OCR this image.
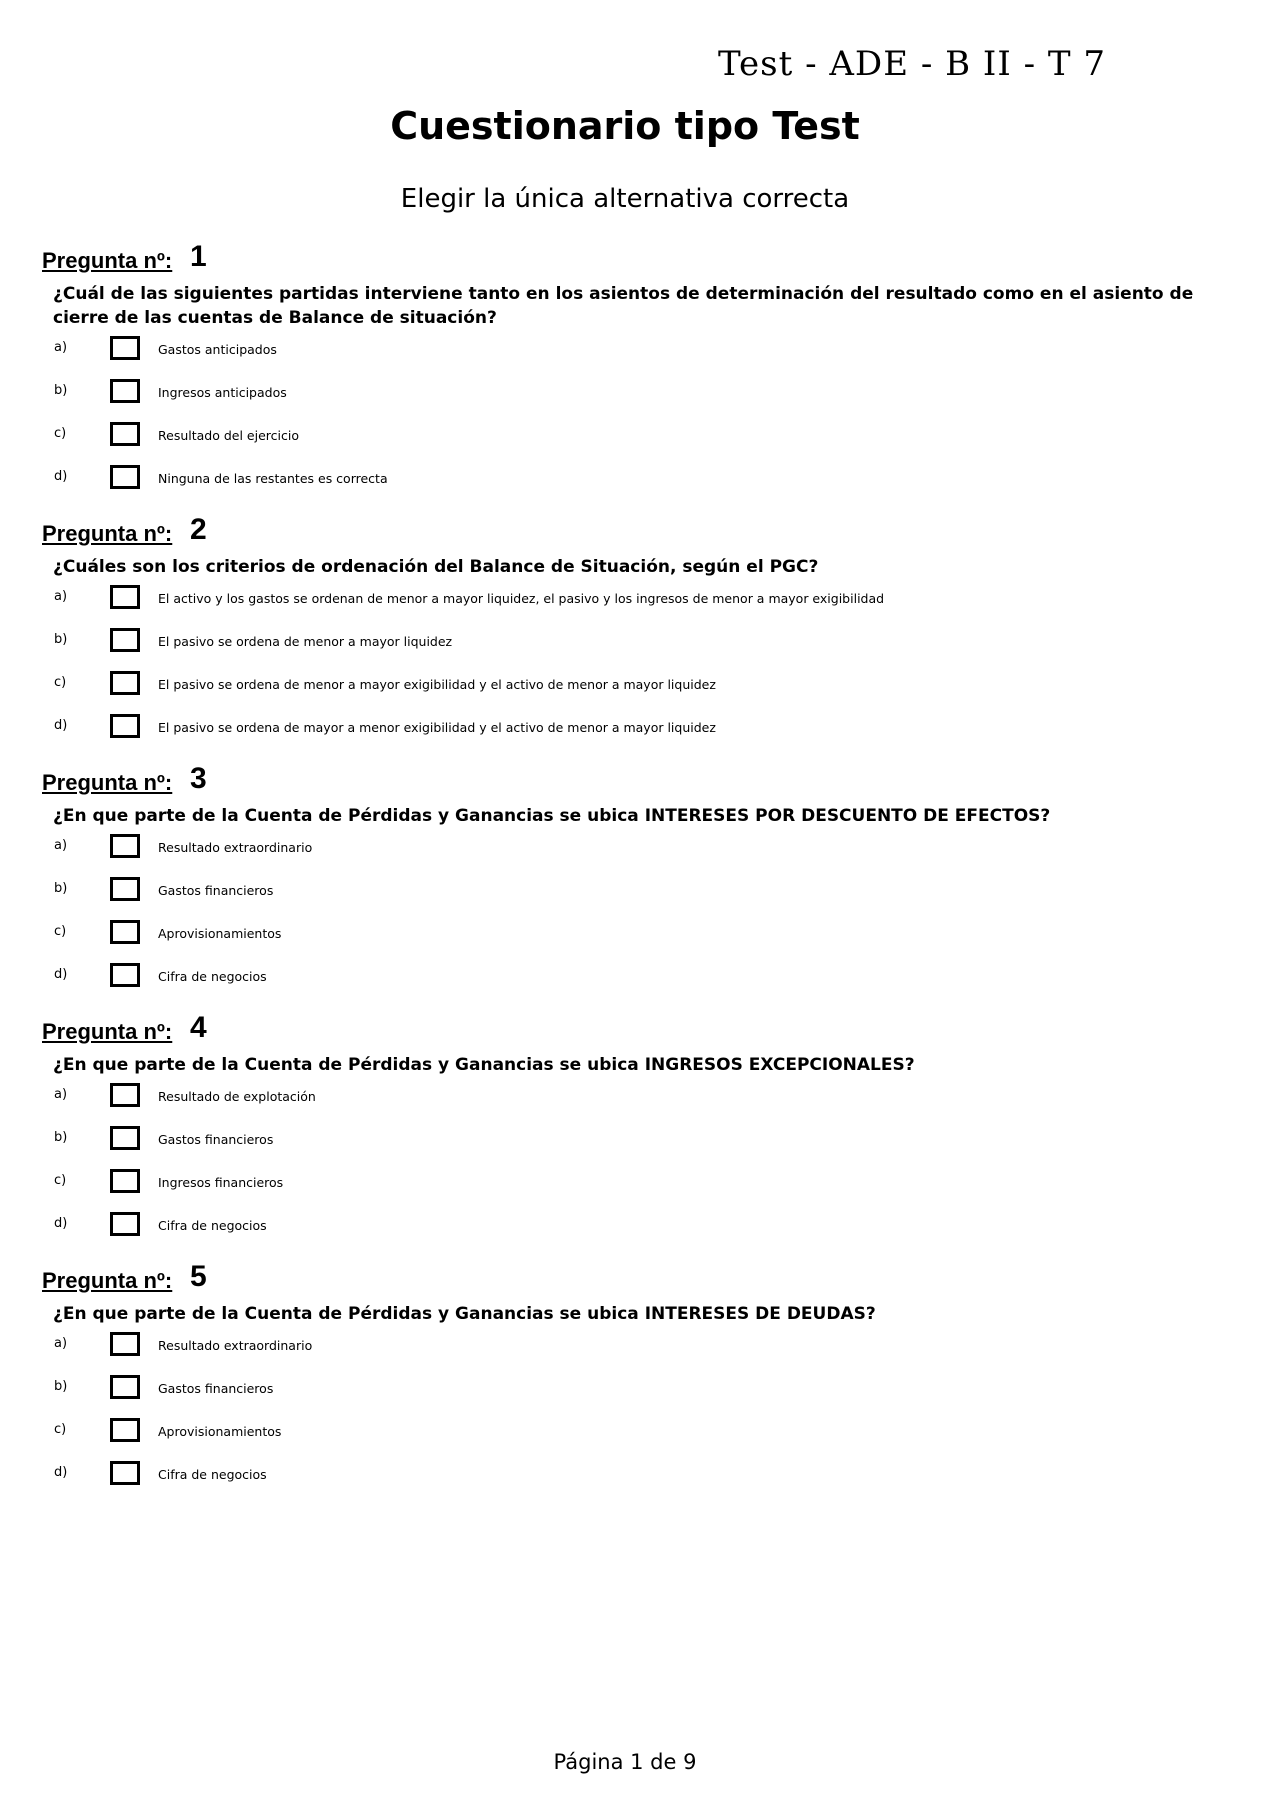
Test - ADE - B II - T 7
Cuestionario tipo Test
Elegir la única alternativa correcta
Pregunta nº: 1
¿Cuál de las siguientes partidas interviene tanto en los asientos de determinación del resultado como en el asiento de cierre de las cuentas de Balance de situación?
a)	Gastos anticipados
b)	Ingresos anticipados
c)	Resultado del ejercicio
d)	Ninguna de las restantes es correcta
Pregunta nº: 2
¿Cuáles son los criterios de ordenación del Balance de Situación, según el PGC?
a)	El activo y los gastos se ordenan de menor a mayor liquidez, el pasivo y los ingresos de menor a mayor exigibilidad
b)	El pasivo se ordena de menor a mayor liquidez
c)	El pasivo se ordena de menor a mayor exigibilidad y el activo de menor a mayor liquidez
d)	El pasivo se ordena de mayor a menor exigibilidad y el activo de menor a mayor liquidez
Pregunta nº: 3
¿En que parte de la Cuenta de Pérdidas y Ganancias se ubica INTERESES POR DESCUENTO DE EFECTOS?
a)	Resultado extraordinario
b)	Gastos financieros
c)	Aprovisionamientos
d)	Cifra de negocios
Pregunta nº: 4
¿En que parte de la Cuenta de Pérdidas y Ganancias se ubica INGRESOS EXCEPCIONALES?
a)	Resultado de explotación
b)	Gastos financieros
c)	Ingresos financieros
d)	Cifra de negocios
Pregunta nº: 5
¿En que parte de la Cuenta de Pérdidas y Ganancias se ubica INTERESES DE DEUDAS?
a)	Resultado extraordinario
b)	Gastos financieros
c)	Aprovisionamientos
d)	Cifra de negocios
Página 1 de 9
